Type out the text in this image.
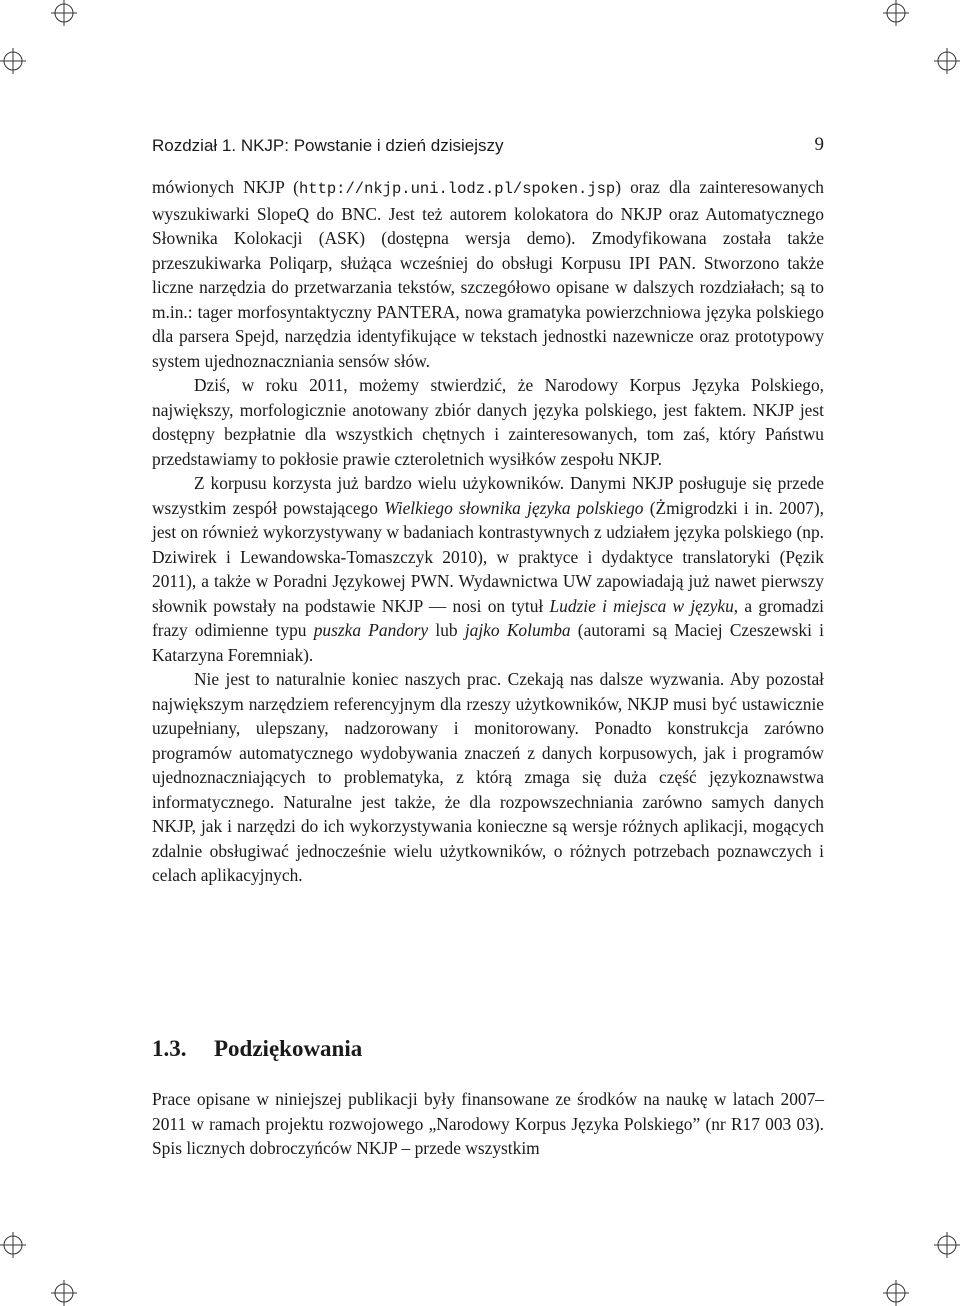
Rozdział 1. NKJP: Powstanie i dzień dzisiejszy	9

mówionych NKJP (http://nkjp.uni.lodz.pl/spoken.jsp) oraz dla zainteresowanych wyszukiwarki SlopeQ do BNC. Jest też autorem kolokatora do NKJP oraz Automatycznego Słownika Kolokacji (ASK) (dostępna wersja demo). Zmodyfikowana została także przeszukiwarka Poliqarp, służąca wcześniej do obsługi Korpusu IPI PAN. Stworzono także liczne narzędzia do przetwarzania tekstów, szczegółowo opisane w dalszych rozdziałach; są to m.in.: tager morfosyntaktyczny PANTERA, nowa gramatyka powierzchniowa języka polskiego dla parsera Spejd, narzędzia identyfikujące w tekstach jednostki nazewnicze oraz prototypowy system ujednoznaczniania sensów słów.

Dziś, w roku 2011, możemy stwierdzić, że Narodowy Korpus Języka Polskiego, największy, morfologicznie anotowany zbiór danych języka polskiego, jest faktem. NKJP jest dostępny bezpłatnie dla wszystkich chętnych i zainteresowanych, tom zaś, który Państwu przedstawiamy to pokłosie prawie czteroletnich wysiłków zespołu NKJP.

Z korpusu korzysta już bardzo wielu użykowników. Danymi NKJP posługuje się przede wszystkim zespół powstającego Wielkiego słownika języka polskiego (Żmigrodzki i in. 2007), jest on również wykorzystywany w badaniach kontrastywnych z udziałem języka polskiego (np. Dziwirek i Lewandowska-Tomaszczyk 2010), w praktyce i dydaktyce translatoryki (Pęzik 2011), a także w Poradni Językowej PWN. Wydawnictwa UW zapowiadają już nawet pierwszy słownik powstały na podstawie NKJP — nosi on tytuł Ludzie i miejsca w języku, a gromadzi frazy odimienne typu puszka Pandory lub jajko Kolumba (autorami są Maciej Czeszewski i Katarzyna Foremniak).

Nie jest to naturalnie koniec naszych prac. Czekają nas dalsze wyzwania. Aby pozostał największym narzędziem referencyjnym dla rzeszy użytkowników, NKJP musi być ustawicznie uzupełniany, ulepszany, nadzorowany i monitorowany. Ponadto konstrukcja zarówno programów automatycznego wydobywania znaczeń z danych korpusowych, jak i programów ujednoznaczniających to problematyka, z którą zmaga się duża część językoznawstwa informatycznego. Naturalne jest także, że dla rozpowszechniania zarówno samych danych NKJP, jak i narzędzi do ich wykorzystywania konieczne są wersje różnych aplikacji, mogących zdalnie obsługiwać jednocześnie wielu użytkowników, o różnych potrzebach poznawczych i celach aplikacyjnych.

1.3. Podziękowania

Prace opisane w niniejszej publikacji były finansowane ze środków na naukę w latach 2007–2011 w ramach projektu rozwojowego „Narodowy Korpus Języka Polskiego” (nr R17 003 03). Spis licznych dobroczyńców NKJP – przede wszystkim
